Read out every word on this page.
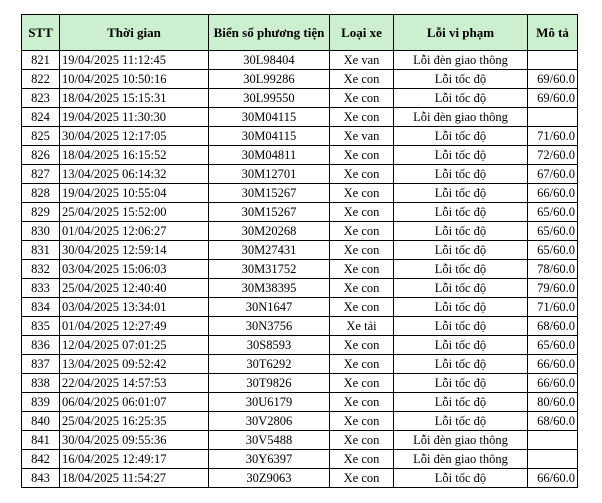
STT	Thời gian	Biển số phương tiện	Loại xe	Lỗi vi phạm	Mô tả
821	19/04/2025 11:12:45	30L98404	Xe van	Lỗi đèn giao thông	
822	10/04/2025 10:50:16	30L99286	Xe con	Lỗi tốc độ	69/60.0
823	18/04/2025 15:15:31	30L99550	Xe con	Lỗi tốc độ	69/60.0
824	19/04/2025 11:30:30	30M04115	Xe con	Lỗi đèn giao thông	
825	30/04/2025 12:17:05	30M04115	Xe van	Lỗi tốc độ	71/60.0
826	18/04/2025 16:15:52	30M04811	Xe con	Lỗi tốc độ	72/60.0
827	13/04/2025 06:14:32	30M12701	Xe con	Lỗi tốc độ	67/60.0
828	19/04/2025 10:55:04	30M15267	Xe con	Lỗi tốc độ	66/60.0
829	25/04/2025 15:52:00	30M15267	Xe con	Lỗi tốc độ	65/60.0
830	01/04/2025 12:06:27	30M20268	Xe con	Lỗi tốc độ	65/60.0
831	30/04/2025 12:59:14	30M27431	Xe con	Lỗi tốc độ	65/60.0
832	03/04/2025 15:06:03	30M31752	Xe con	Lỗi tốc độ	78/60.0
833	25/04/2025 12:40:40	30M38395	Xe con	Lỗi tốc độ	79/60.0
834	03/04/2025 13:34:01	30N1647	Xe con	Lỗi tốc độ	71/60.0
835	01/04/2025 12:27:49	30N3756	Xe tải	Lỗi tốc độ	68/60.0
836	12/04/2025 07:01:25	30S8593	Xe con	Lỗi tốc độ	65/60.0
837	13/04/2025 09:52:42	30T6292	Xe con	Lỗi tốc độ	66/60.0
838	22/04/2025 14:57:53	30T9826	Xe con	Lỗi tốc độ	66/60.0
839	06/04/2025 06:01:07	30U6179	Xe con	Lỗi tốc độ	80/60.0
840	25/04/2025 16:25:35	30V2806	Xe con	Lỗi tốc độ	68/60.0
841	30/04/2025 09:55:36	30V5488	Xe con	Lỗi đèn giao thông	
842	16/04/2025 12:49:17	30Y6397	Xe con	Lỗi đèn giao thông	
843	18/04/2025 11:54:27	30Z9063	Xe con	Lỗi tốc độ	66/60.0
